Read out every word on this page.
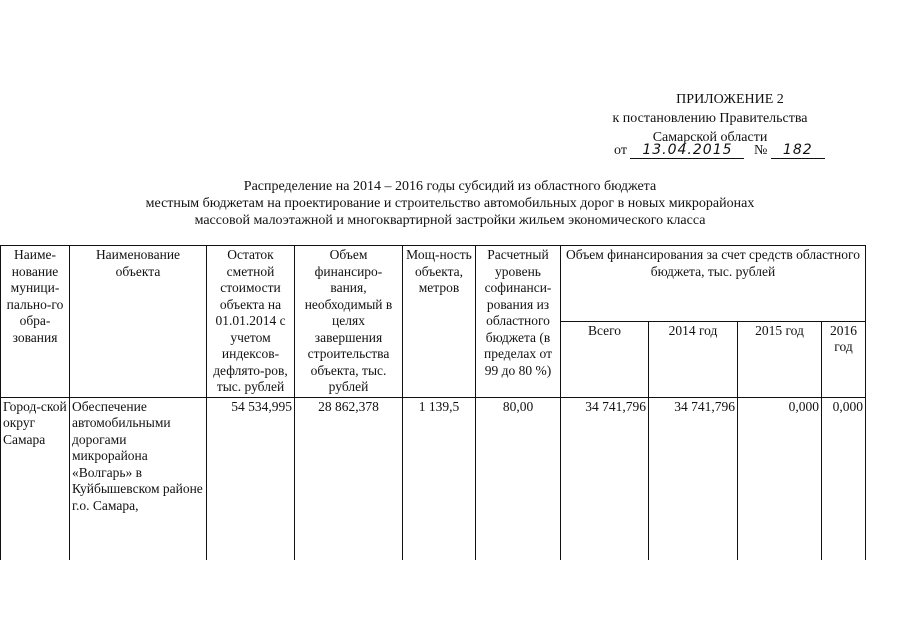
ПРИЛОЖЕНИЕ 2
к постановлению Правительства
Самарской области
от 13.04.2015 № 182
Распределение на 2014 – 2016 годы субсидий из областного бюджета
местным бюджетам на проектирование и строительство автомобильных дорог в новых микрорайонах
массовой малоэтажной и многоквартирной застройки жильем экономического класса
Наиме-нование муници-пально-го обра-зования	Наименование объекта	Остаток сметной стоимости объекта на 01.01.2014 с учетом индексов-дефлято-ров, тыс. рублей	Объем финансиро-вания, необходимый в целях завершения строительства объекта, тыс. рублей	Мощ-ность объекта, метров	Расчетный уровень софинанси-рования из областного бюджета (в пределах от 99 до 80 %)	Объем финансирования за счет средств областного бюджета, тыс. рублей			
						Всего	2014 год	2015 год	2016 год
Город-ской округ Самара	Обеспечение автомобильными дорогами микрорайона «Волгарь» в Куйбышевском районе г.о. Самара,	54 534,995	28 862,378	1 139,5	80,00	34 741,796	34 741,796	0,000	0,000
